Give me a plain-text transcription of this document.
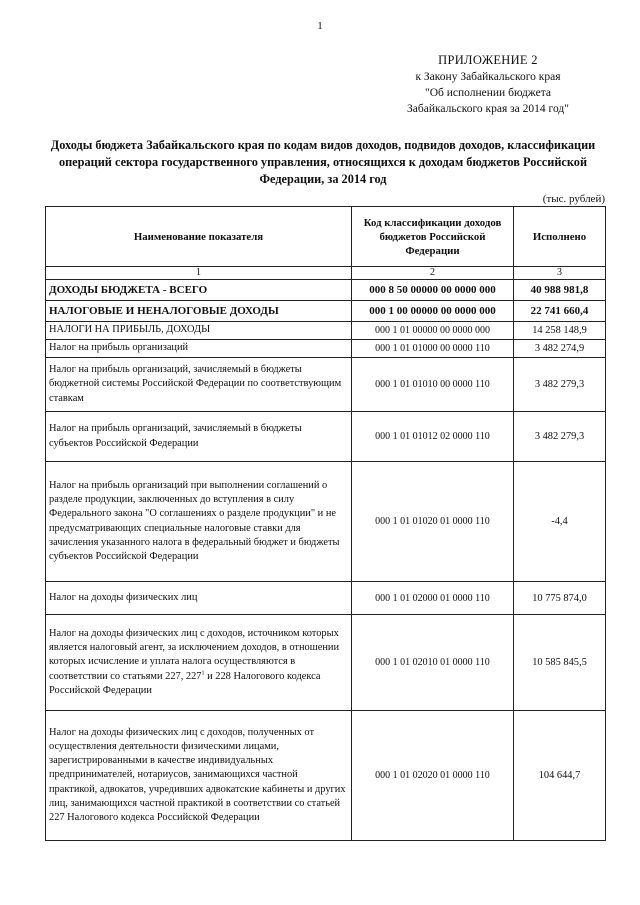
1
ПРИЛОЖЕНИЕ 2
к Закону Забайкальского края
"Об исполнении бюджета
Забайкальского края за 2014 год"
Доходы бюджета Забайкальского края по кодам видов доходов, подвидов доходов, классификации операций сектора государственного управления, относящихся к доходам бюджетов Российской Федерации, за 2014 год
(тыс. рублей)
Наименование показателя	Код классификации доходов бюджетов Российской Федерации	Исполнено
1	2	3
ДОХОДЫ БЮДЖЕТА - ВСЕГО	000 8 50 00000 00 0000 000	40 988 981,8
НАЛОГОВЫЕ И НЕНАЛОГОВЫЕ ДОХОДЫ	000 1 00 00000 00 0000 000	22 741 660,4
НАЛОГИ НА ПРИБЫЛЬ, ДОХОДЫ	000 1 01 00000 00 0000 000	14 258 148,9
Налог на прибыль организаций	000 1 01 01000 00 0000 110	3 482 274,9
Налог на прибыль организаций, зачисляемый в бюджеты бюджетной системы Российской Федерации по соответствующим ставкам	000 1 01 01010 00 0000 110	3 482 279,3
Налог на прибыль организаций, зачисляемый в бюджеты субъектов Российской Федерации	000 1 01 01012 02 0000 110	3 482 279,3
Налог на прибыль организаций при выполнении соглашений о разделе продукции, заключенных до вступления в силу Федерального закона "О соглашениях о разделе продукции" и не предусматривающих специальные налоговые ставки для зачисления указанного налога в федеральный бюджет и бюджеты субъектов Российской Федерации	000 1 01 01020 01 0000 110	-4,4
Налог на доходы физических лиц	000 1 01 02000 01 0000 110	10 775 874,0
Налог на доходы физических лиц с доходов, источником которых является налоговый агент, за исключением доходов, в отношении которых исчисление и уплата налога осуществляются в соответствии со статьями 227, $227^1$ и 228 Налогового кодекса Российской Федерации	000 1 01 02010 01 0000 110	10 585 845,5
Налог на доходы физических лиц с доходов, полученных от осуществления деятельности физическими лицами, зарегистрированными в качестве индивидуальных предпринимателей, нотариусов, занимающихся частной практикой, адвокатов, учредивших адвокатские кабинеты и других лиц, занимающихся частной практикой в соответствии со статьей 227 Налогового кодекса Российской Федерации	000 1 01 02020 01 0000 110	104 644,7
